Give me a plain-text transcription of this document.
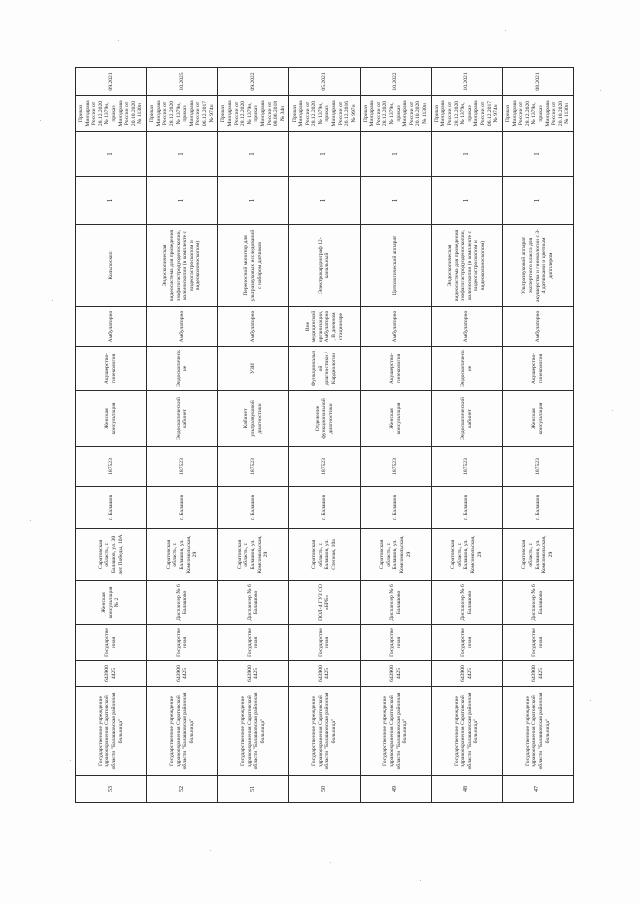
53	Государственное учреждение здравоохранения Саратовской области "Балашовская районная больница"	6439004425	Государственная	Женская консультация № 2	Саратовская область, г. Балашов, ул. 30 лет Победы, 10А	г. Балашов	187523	Женская консультация	Акушерство-гинекология	Амбулаторно	Кольпоскоп	1	1	Приказ Минздрава России от 28.12.2020 № 1379н, приказ Минздрава России от 20.10.2020 № 1130н	09.2021
52	Государственное учреждение здравоохранения Саратовской области "Балашовская районная больница"	6439004425	Государственная	Диспансер № 6 Балашово	Саратовская область, г. Балашов, ул. Комсомольская, 29	г. Балашов	187523	Эндоскопический кабинет	Эндоскопические	Амбулаторно	Эндоскопическая видеосистема для проведения эзофагогастродуоденоскопии, колоноскопии (в комплекте с видеогастроскопом и видеоколоноскопом)	1	1	Приказ Минздрава России от 28.12.2020 № 1379н, приказ Минздрава России от 06.12.2017 № 974н	10.2025
51	Государственное учреждение здравоохранения Саратовской области "Балашовская районная больница"	6439004425	Государственная	Диспансер № 6 Балашово	Саратовская область, г. Балашов, ул. Комсомольская, 29	г. Балашов	187523	Кабинет ультразвуковой диагностики	УЗИ	Амбулаторно	Переносной монитор для ультразвуковых исследований с набором датчиков	1	1	Приказ Минздрава России от 28.12.2020 № 1379н, приказ Минздрава России от 08.06.2018 № 34н	09.2022
50	Государственное учреждение здравоохранения Саратовской области "Балашовская районная больница"	6439004425	Государственная	ПОЛ-4 ГУЗ СО «БРБ»	Саратовская область, г. Балашов, ул. Степная, 10а	г. Балашов	187523	Отделение функциональной диагностики	Функциональной диагностики / Кардиологии	Вне медицинской организации, Амбулаторно, В дневном стационаре	Электрокардиограф 12-канальный	1	1	Приказ Минздрава России от 28.12.2020 № 1379н, приказ Минздрава России от 26.12.2016 № 997н	05.2021
49	Государственное учреждение здравоохранения Саратовской области "Балашовская районная больница"	6439004425	Государственная	Диспансер № 6 Балашово	Саратовская область, г. Балашов, ул. Комсомольская, 29	г. Балашов	187523	Женская консультация	Акушерство-гинекология	Амбулаторно	Цитологический аппарат	1	1	Приказ Минздрава России от 28.12.2020 № 1379н, приказ Минздрава России от 20.10.2020 № 1130н	10.2022
48	Государственное учреждение здравоохранения Саратовской области "Балашовская районная больница"	6439004425	Государственная	Диспансер № 6 Балашово	Саратовская область, г. Балашов, ул. Комсомольская, 29	г. Балашов	187523	Эндоскопический кабинет	Эндоскопические	Амбулаторно	Эндоскопическая видеосистема для проведения эзофагогастродуоденоскопии, колоноскопии (в комплекте с видеогастроскопом и видеоколоноскопом)	1	1	Приказ Минздрава России от 28.12.2020 № 1379н, приказ Минздрава России от 06.12.2017 № 974н	10.2021
47	Государственное учреждение здравоохранения Саратовской области "Балашовская районная больница"	6439004425	Государственная	Диспансер № 6 Балашово	Саратовская область, г. Балашов, ул. Комсомольская, 29	г. Балашов	187523	Женская консультация	Акушерство-гинекология	Амбулаторно	Ультразвуковой аппарат экспертного класса для акушерства и гинекологии с 3-4 датчиками и цветным допплером	1	1	Приказ Минздрава России от 28.12.2020 № 1379н, приказ Минздрава России от 20.10.2020 № 1130н	08.2021
